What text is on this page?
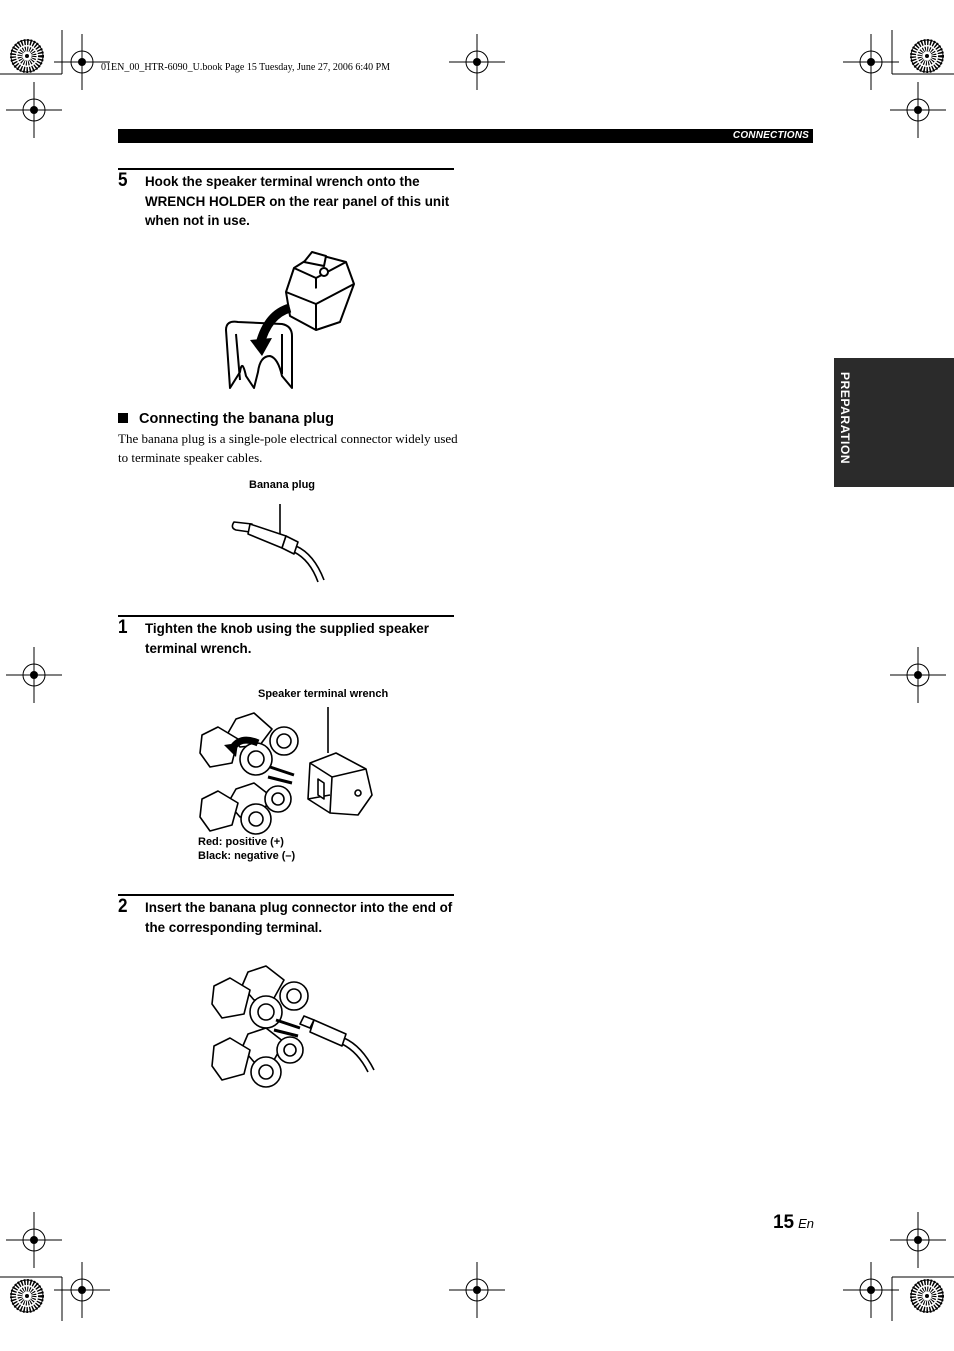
01EN_00_HTR-6090_U.book Page 15 Tuesday, June 27, 2006 6:40 PM
CONNECTIONS
PREPARATION
5 Hook the speaker terminal wrench onto the WRENCH HOLDER on the rear panel of this unit when not in use.
Connecting the banana plug
The banana plug is a single-pole electrical connector widely used to terminate speaker cables.
Banana plug
1 Tighten the knob using the supplied speaker terminal wrench.
Speaker terminal wrench
Red: positive (+)
Black: negative (–)
2 Insert the banana plug connector into the end of the corresponding terminal.
15 En
